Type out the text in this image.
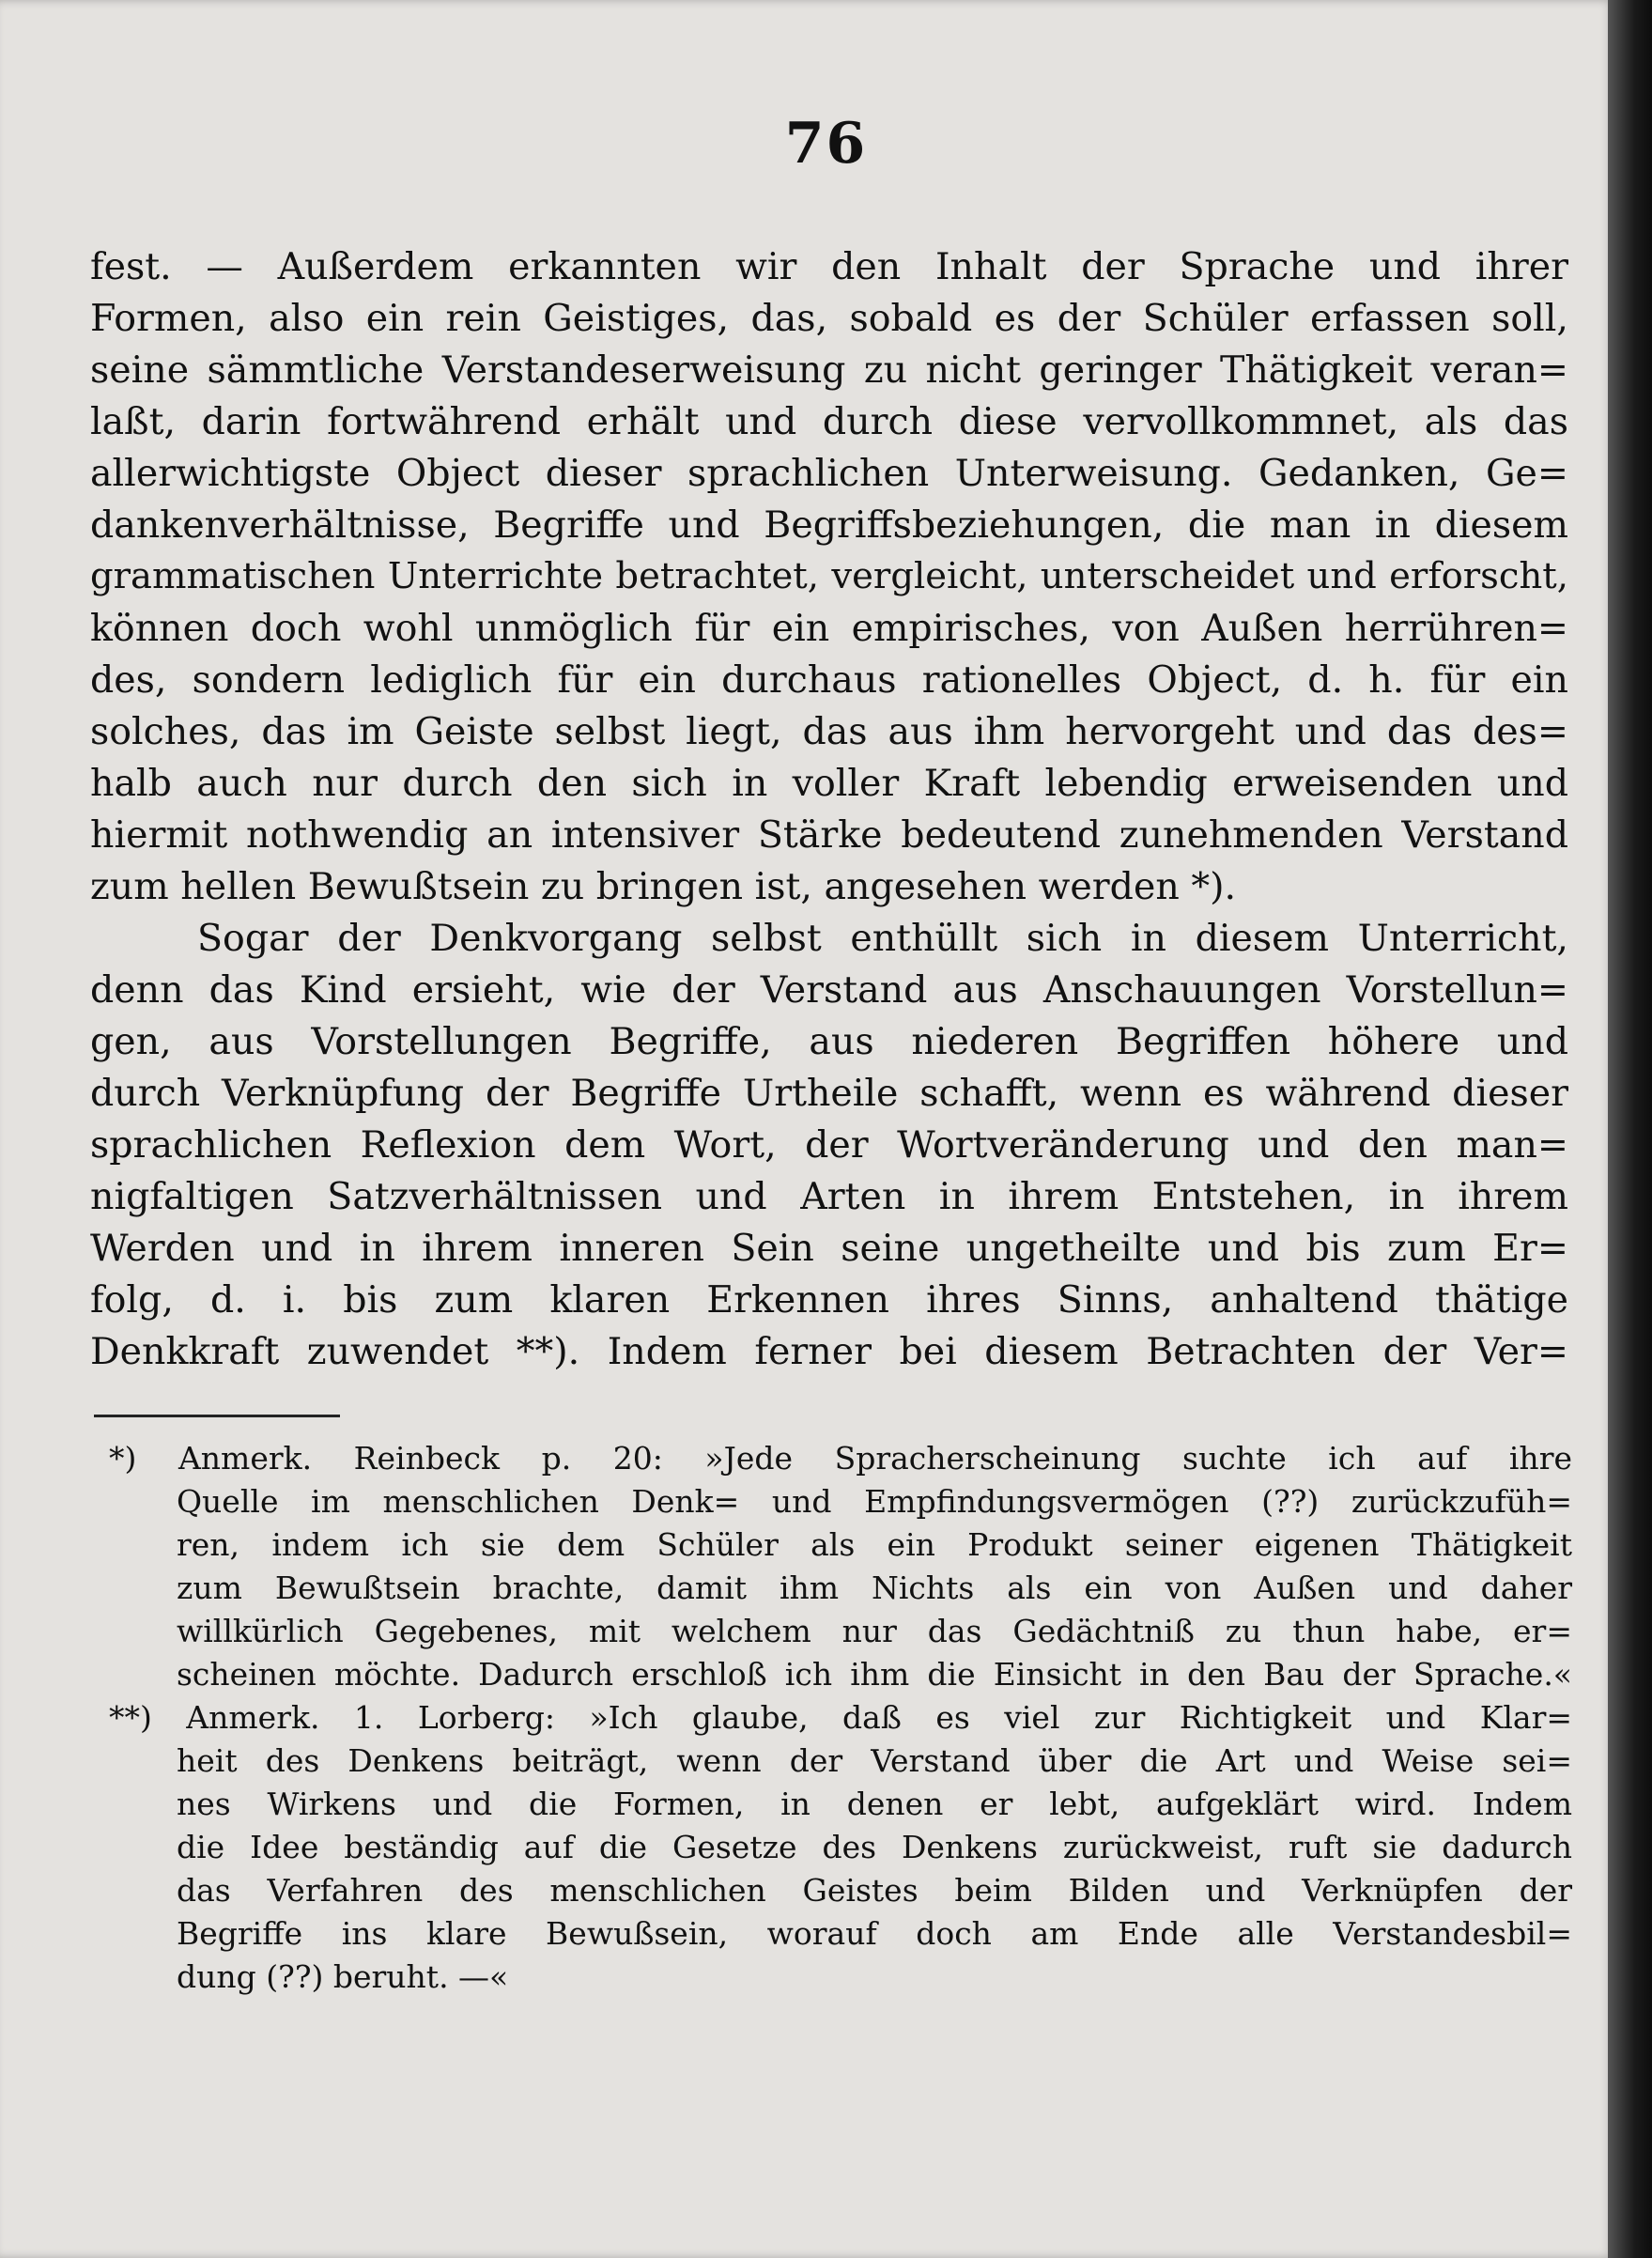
76
fest. — Außerdem erkannten wir den Inhalt der Sprache und ihrer
Formen, also ein rein Geistiges, das, sobald es der Schüler erfassen soll,
seine sämmtliche Verstandeserweisung zu nicht geringer Thätigkeit veran=
laßt, darin fortwährend erhält und durch diese vervollkommnet, als das
allerwichtigste Object dieser sprachlichen Unterweisung. Gedanken, Ge=
dankenverhältnisse, Begriffe und Begriffsbeziehungen, die man in diesem
grammatischen Unterrichte betrachtet, vergleicht, unterscheidet und erforscht,
können doch wohl unmöglich für ein empirisches, von Außen herrühren=
des, sondern lediglich für ein durchaus rationelles Object, d. h. für ein
solches, das im Geiste selbst liegt, das aus ihm hervorgeht und das des=
halb auch nur durch den sich in voller Kraft lebendig erweisenden und
hiermit nothwendig an intensiver Stärke bedeutend zunehmenden Verstand
zum hellen Bewußtsein zu bringen ist, angesehen werden *).
Sogar der Denkvorgang selbst enthüllt sich in diesem Unterricht,
denn das Kind ersieht, wie der Verstand aus Anschauungen Vorstellun=
gen, aus Vorstellungen Begriffe, aus niederen Begriffen höhere und
durch Verknüpfung der Begriffe Urtheile schafft, wenn es während dieser
sprachlichen Reflexion dem Wort, der Wortveränderung und den man=
nigfaltigen Satzverhältnissen und Arten in ihrem Entstehen, in ihrem
Werden und in ihrem inneren Sein seine ungetheilte und bis zum Er=
folg, d. i. bis zum klaren Erkennen ihres Sinns, anhaltend thätige
Denkkraft zuwendet **). Indem ferner bei diesem Betrachten der Ver=
*) Anmerk. Reinbeck p. 20: »Jede Spracherscheinung suchte ich auf ihre
Quelle im menschlichen Denk= und Empfindungsvermögen (??) zurückzufüh=
ren, indem ich sie dem Schüler als ein Produkt seiner eigenen Thätigkeit
zum Bewußtsein brachte, damit ihm Nichts als ein von Außen und daher
willkürlich Gegebenes, mit welchem nur das Gedächtniß zu thun habe, er=
scheinen möchte. Dadurch erschloß ich ihm die Einsicht in den Bau der Sprache.«
**) Anmerk. 1. Lorberg: »Ich glaube, daß es viel zur Richtigkeit und Klar=
heit des Denkens beiträgt, wenn der Verstand über die Art und Weise sei=
nes Wirkens und die Formen, in denen er lebt, aufgeklärt wird. Indem
die Idee beständig auf die Gesetze des Denkens zurückweist, ruft sie dadurch
das Verfahren des menschlichen Geistes beim Bilden und Verknüpfen der
Begriffe ins klare Bewußsein, worauf doch am Ende alle Verstandesbil=
dung (??) beruht. —«
